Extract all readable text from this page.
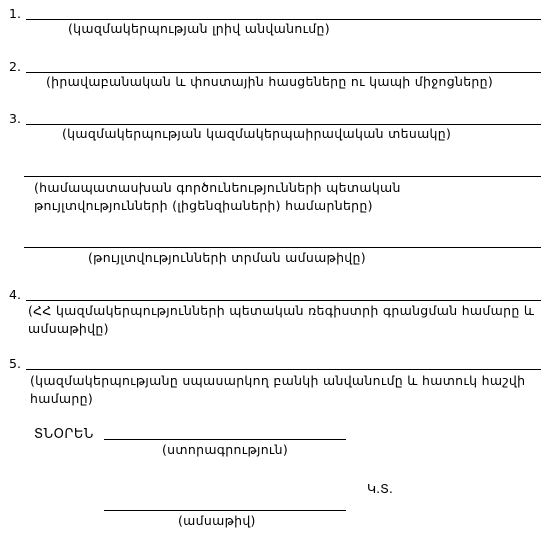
1.
(կազմակերպության լրիվ անվանումը)
2.
(իրավաբանական և փոստային հասցեները ու կապի միջոցները)
3.
(կազմակերպության կազմակերպաիրավական տեսակը)
(համապատասխան գործունեությունների պետական թույլտվությունների (լիցենզիաների) համարները)
(թույլտվությունների տրման ամսաթիվը)
4.
(ՀՀ կազմակերպությունների պետական ռեգիստրի գրանցման համարը և ամսաթիվը)
5.
(կազմակերպությանը սպասարկող բանկի անվանումը և հատուկ հաշվի համարը)
ՏՆՕՐԵՆ
(ստորագրություն)
Կ.Տ.
(ամսաթիվ)
